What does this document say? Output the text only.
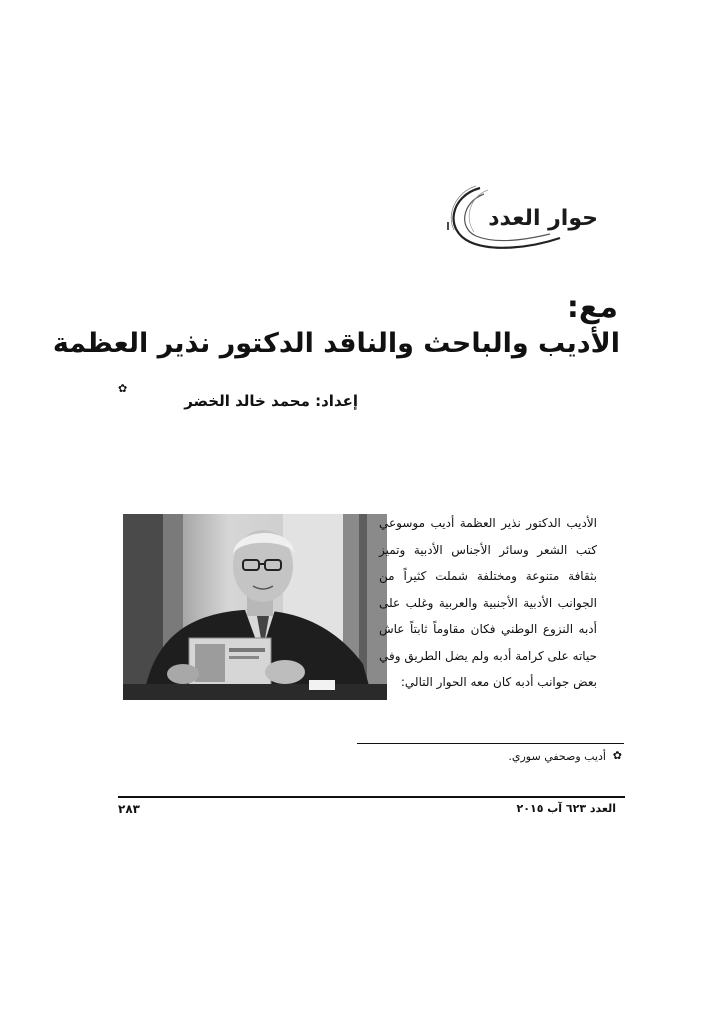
حوار العدد
مع:
الأديب والباحث والناقد الدكتور نذير العظمة
✿
إعداد: محمد خالد الخضر
الأديب الدكتور نذير العظمة أديب موسوعي كتب الشعر وسائر الأجناس الأدبية وتميز بثقافة متنوعة ومختلفة شملت كثيراً من الجوانب الأدبية الأجنبية والعربية وغلب على أدبه النزوع الوطني فكان مقاوماً ثابتاً عاش حياته على كرامة أدبه ولم يضل الطريق وفي بعض جوانب أدبه كان معه الحوار التالي:
✿
أديب وصحفي سوري.
العدد ٦٢٣ آب ٢٠١٥
٢٨٣
